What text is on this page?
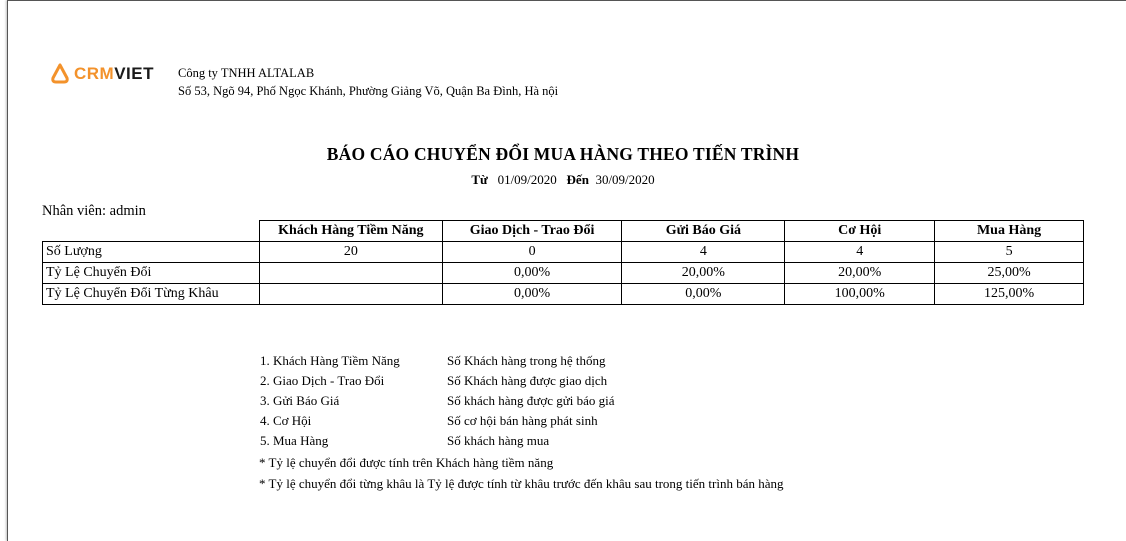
CRMVIET Công ty TNHH ALTALAB
Số 53, Ngõ 94, Phố Ngọc Khánh, Phường Giảng Võ, Quận Ba Đình, Hà nội
BÁO CÁO CHUYỂN ĐỔI MUA HÀNG THEO TIẾN TRÌNH
Từ 01/09/2020 Đến 30/09/2020
Nhân viên: admin
	Khách Hàng Tiềm Năng	Giao Dịch - Trao Đổi	Gửi Báo Giá	Cơ Hội	Mua Hàng
Số Lượng	20	0	4	4	5
Tỷ Lệ Chuyển Đổi		0,00%	20,00%	20,00%	25,00%
Tỷ Lệ Chuyển Đổi Từng Khâu		0,00%	0,00%	100,00%	125,00%
1. Khách Hàng Tiềm Năng	Số Khách hàng trong hệ thống
2. Giao Dịch - Trao Đổi	Số Khách hàng được giao dịch
3. Gửi Báo Giá	Số khách hàng được gửi báo giá
4. Cơ Hội	Số cơ hội bán hàng phát sinh
5. Mua Hàng	Số khách hàng mua
* Tỷ lệ chuyển đổi được tính trên Khách hàng tiềm năng
* Tỷ lệ chuyển đổi từng khâu là Tỷ lệ được tính từ khâu trước đến khâu sau trong tiến trình bán hàng
